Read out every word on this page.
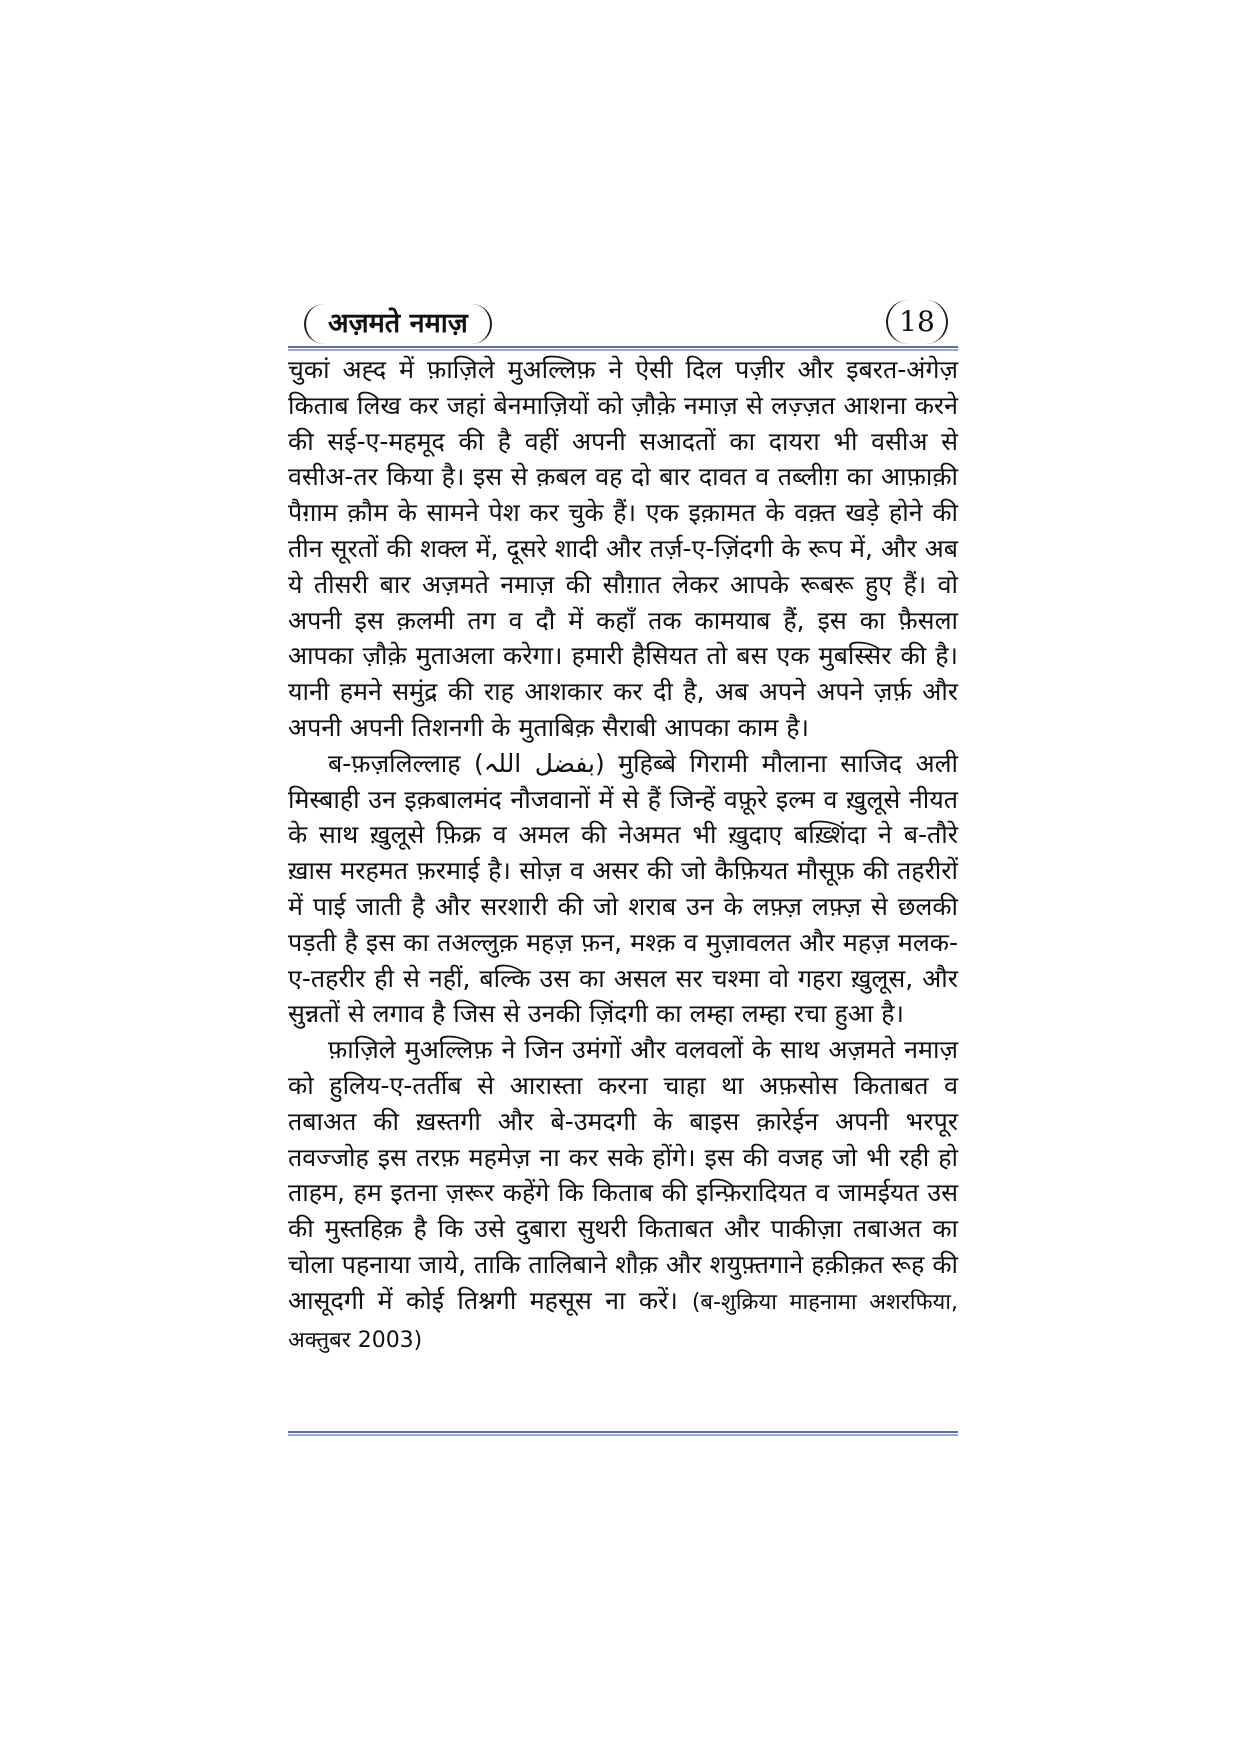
अज़मते नमाज़	18

चुकां अह्द में फ़ाज़िले मुअल्लिफ़ ने ऐसी दिल पज़ीर और इबरत-अंगेज़ किताब लिख कर जहां बेनमाज़ियों को ज़ौक़े नमाज़ से लज़्ज़त आशना करने की सई-ए-महमूद की है वहीं अपनी सआदतों का दायरा भी वसीअ से वसीअ-तर किया है। इस से क़बल वह दो बार दावत व तब्लीग़ का आफ़ाक़ी पैग़ाम क़ौम के सामने पेश कर चुके हैं। एक इक़ामत के वक़्त खड़े होने की तीन सूरतों की शक्ल में, दूसरे शादी और तर्ज़-ए-ज़िंदगी के रूप में, और अब ये तीसरी बार अज़मते नमाज़ की सौग़ात लेकर आपके रूबरू हुए हैं। वो अपनी इस क़लमी तग व दौ में कहाँ तक कामयाब हैं, इस का फ़ैसला आपका ज़ौक़े मुताअला करेगा। हमारी हैसियत तो बस एक मुबस्सिर की है। यानी हमने समुंद्र की राह आशकार कर दी है, अब अपने अपने ज़र्फ़ और अपनी अपनी तिशनगी के मुताबिक़ सैराबी आपका काम है।

ब-फ़ज़लिल्लाह (بفضل اللہ) मुहिब्बे गिरामी मौलाना साजिद अली मिस्बाही उन इक़बालमंद नौजवानों में से हैं जिन्हें वफ़ूरे इल्म व ख़ुलूसे नीयत के साथ ख़ुलूसे फ़िक्र व अमल की नेअमत भी ख़ुदाए बख़्शिंदा ने ब-तौरे ख़ास मरहमत फ़रमाई है। सोज़ व असर की जो कैफ़ियत मौसूफ़ की तहरीरों में पाई जाती है और सरशारी की जो शराब उन के लफ़्ज़ लफ़्ज़ से छलकी पड़ती है इस का तअल्लुक़ महज़ फ़न, मश्क़ व मुज़ावलत और महज़ मलक-ए-तहरीर ही से नहीं, बल्कि उस का असल सर चश्मा वो गहरा ख़ुलूस, और सुन्नतों से लगाव है जिस से उनकी ज़िंदगी का लम्हा लम्हा रचा हुआ है।

फ़ाज़िले मुअल्लिफ़ ने जिन उमंगों और वलवलों के साथ अज़मते नमाज़ को हुलिय-ए-तर्तीब से आरास्ता करना चाहा था अफ़सोस किताबत व तबाअत की ख़स्तगी और बे-उमदगी के बाइस क़ारेईन अपनी भरपूर तवज्जोह इस तरफ़ महमेज़ ना कर सके होंगे। इस की वजह जो भी रही हो ताहम, हम इतना ज़रूर कहेंगे कि किताब की इन्फ़िरादियत व जामईयत उस की मुस्तहिक़ है कि उसे दुबारा सुथरी किताबत और पाकीज़ा तबाअत का चोला पहनाया जाये, ताकि तालिबाने शौक़ और शयुफ़्तगाने हक़ीक़त रूह की आसूदगी में कोई तिश्नगी महसूस ना करें। (ब-शुक्रिया माहनामा अशरफिया, अक्तुबर 2003)
